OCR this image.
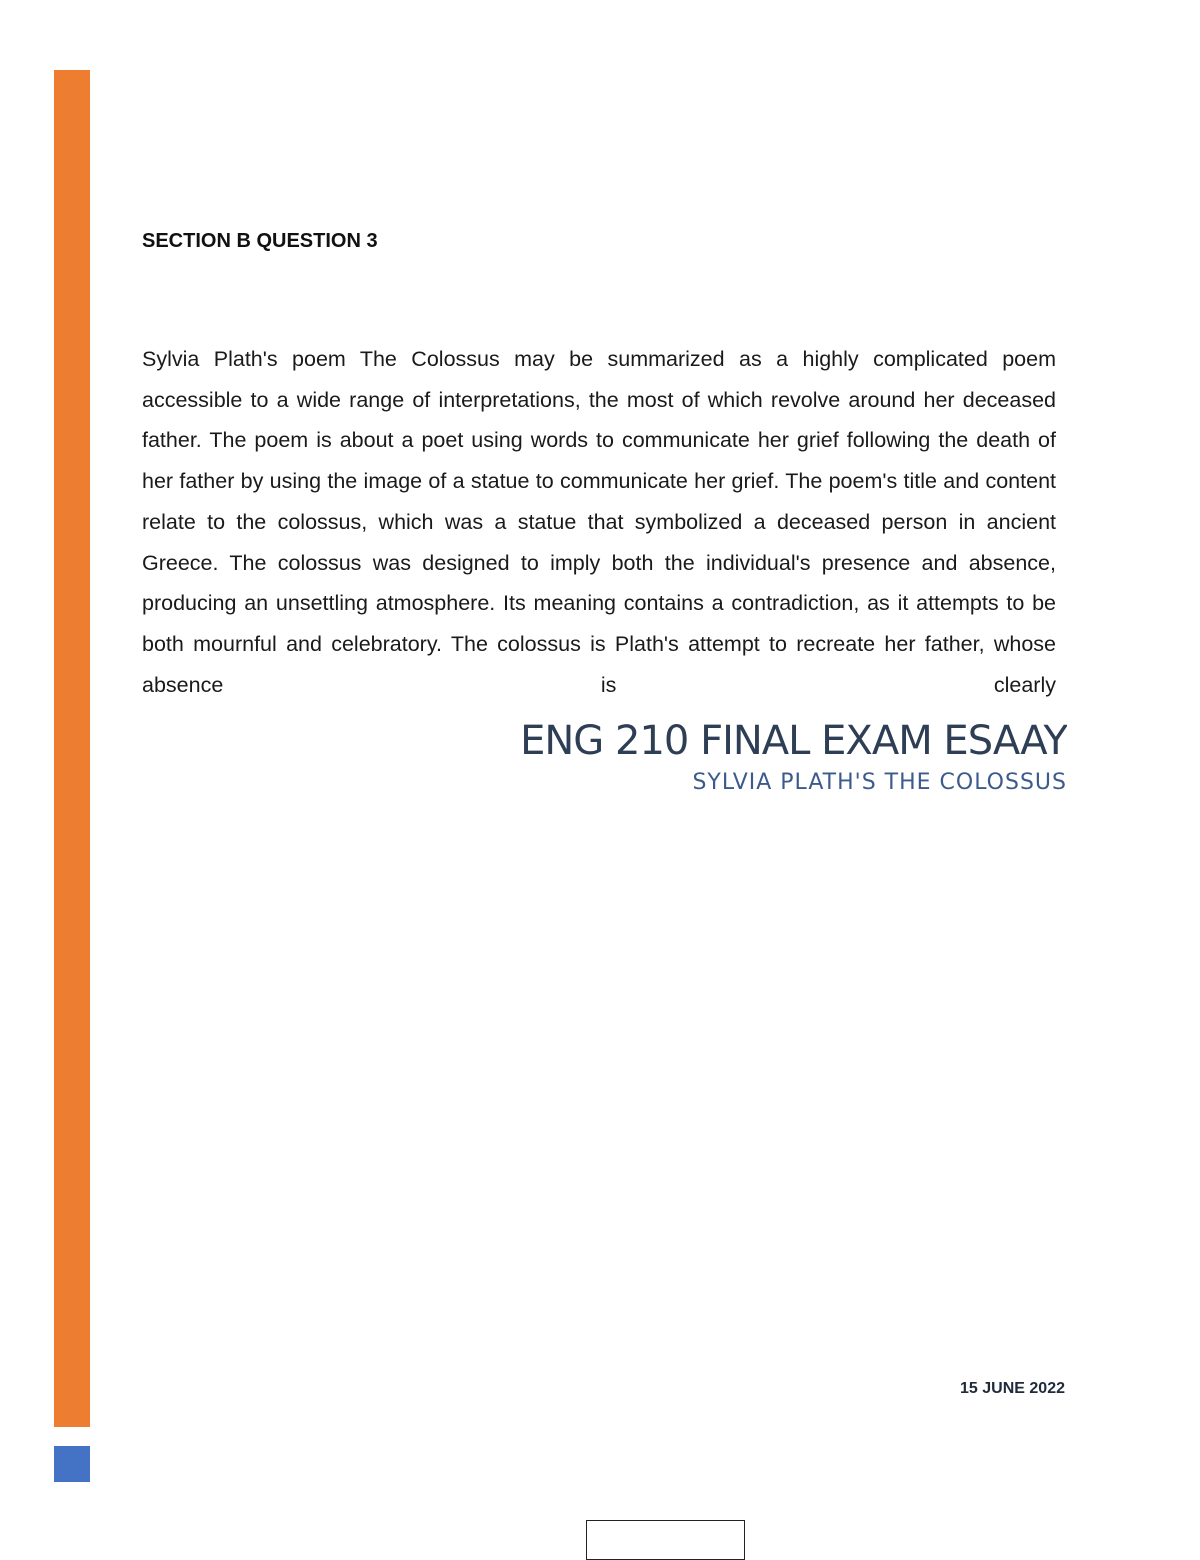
SECTION B QUESTION 3

Sylvia Plath's poem The Colossus may be summarized as a highly complicated poem accessible to a wide range of interpretations, the most of which revolve around her deceased father. The poem is about a poet using words to communicate her grief following the death of her father by using the image of a statue to communicate her grief. The poem's title and content relate to the colossus, which was a statue that symbolized a deceased person in ancient Greece. The colossus was designed to imply both the individual's presence and absence, producing an unsettling atmosphere. Its meaning contains a contradiction, as it attempts to be both mournful and celebratory. The colossus is Plath's attempt to recreate her father, whose absence is clearly

ENG 210 FINAL EXAM ESAAY
SYLVIA PLATH'S THE COLOSSUS
15 JUNE 2022
